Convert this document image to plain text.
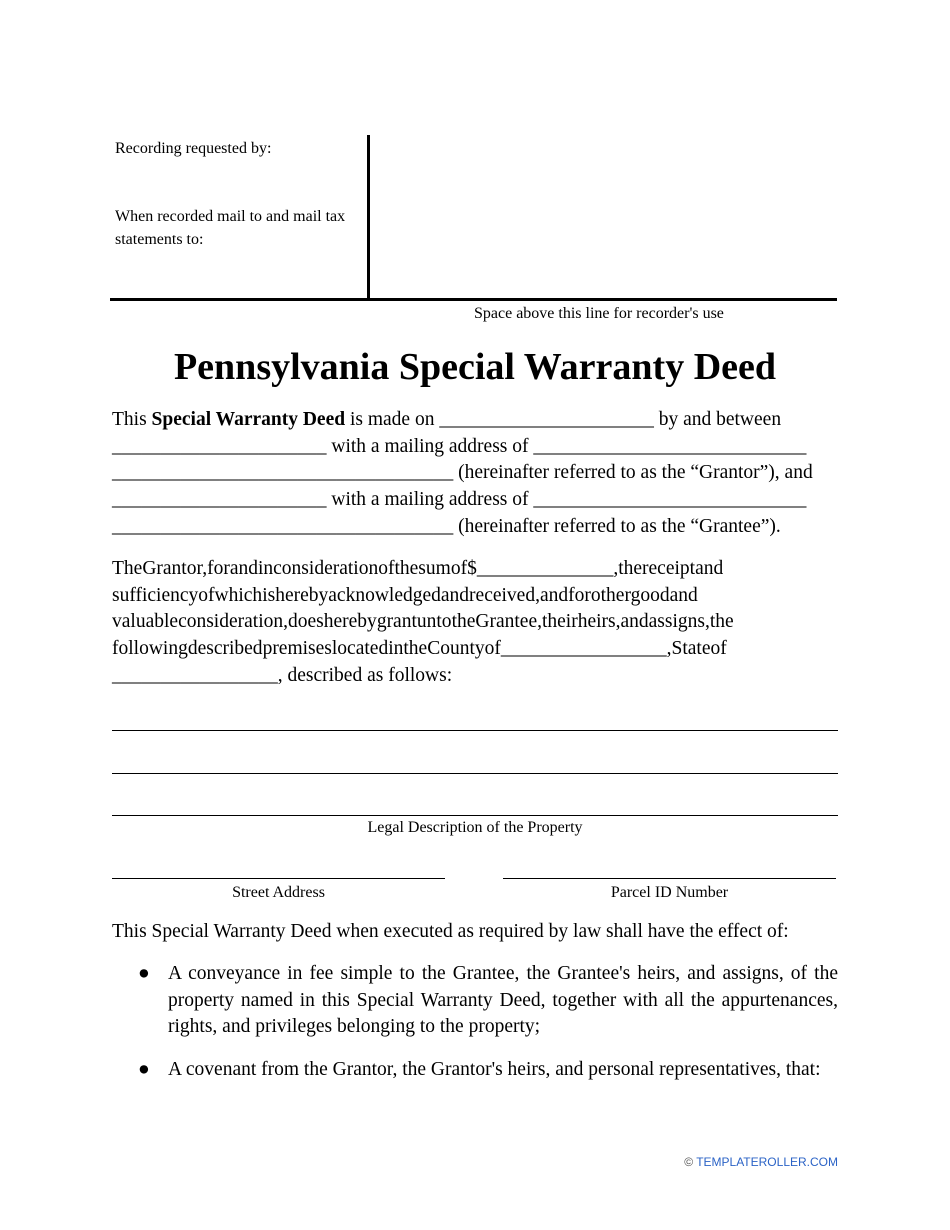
Recording requested by:
When recorded mail to and mail tax
statements to:
Space above this line for recorder's use
Pennsylvania Special Warranty Deed
This Special Warranty Deed is made on ______________________ by and between
______________________ with a mailing address of ____________________________
___________________________________ (hereinafter referred to as the “Grantor”), and
______________________ with a mailing address of ____________________________
___________________________________ (hereinafter referred to as the “Grantee”).
TheGrantor,forandinconsiderationofthesumof$______________,thereceiptand
sufficiencyofwhichisherebyacknowledgedandreceived,andforothergoodand
valuableconsideration,doesherebygrantuntotheGrantee,theirheirs,andassigns,the
followingdescribedpremiseslocatedintheCountyof_________________,Stateof
_________________, described as follows:
Legal Description of the Property
Street Address	Parcel ID Number
This Special Warranty Deed when executed as required by law shall have the effect of:
● A conveyance in fee simple to the Grantee, the Grantee's heirs, and assigns, of the property named in this Special Warranty Deed, together with all the appurtenances, rights, and privileges belonging to the property;
● A covenant from the Grantor, the Grantor's heirs, and personal representatives, that:
© TEMPLATEROLLER.COM
